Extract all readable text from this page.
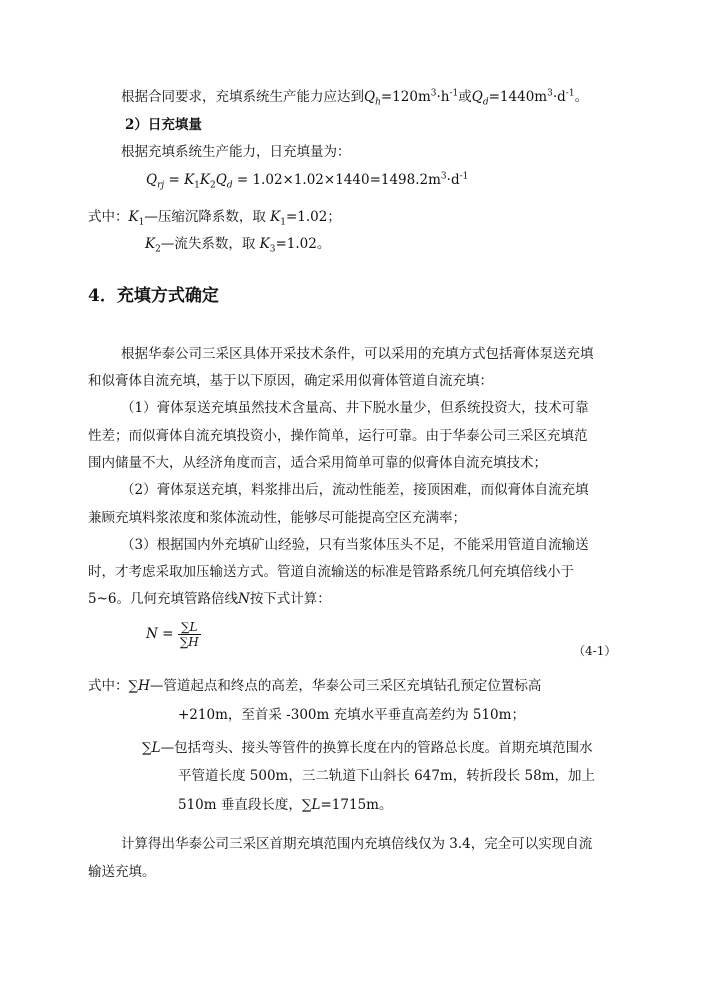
根据合同要求，充填系统生产能力应达到$Q_h=120m^3\cdot h^{-1}$或$Q_d=1440m^3\cdot d^{-1}$。
2）日充填量
根据充填系统生产能力，日充填量为：
$Q_{rj} = K_1K_2Q_d = 1.02\times 1.02\times 1440=1498.2m^3\cdot d^{-1}$
式中：$K_1—$压缩沉降系数，取 $K_1=1.02$；
$K_2—$流失系数，取 $K_3=1.02$。
4．充填方式确定
根据华泰公司三采区具体开采技术条件，可以采用的充填方式包括膏体泵送充填
和似膏体自流充填，基于以下原因，确定采用似膏体管道自流充填：
（1）膏体泵送充填虽然技术含量高、井下脱水量少，但系统投资大，技术可靠
性差；而似膏体自流充填投资小，操作简单，运行可靠。由于华泰公司三采区充填范
围内储量不大，从经济角度而言，适合采用简单可靠的似膏体自流充填技术；
（2）膏体泵送充填，料浆排出后，流动性能差，接顶困难，而似膏体自流充填
兼顾充填料浆浓度和浆体流动性，能够尽可能提高空区充满率；
（3）根据国内外充填矿山经验，只有当浆体压头不足，不能采用管道自流输送
时，才考虑采取加压输送方式。管道自流输送的标准是管路系统几何充填倍线小于
5~6。几何充填管路倍线N按下式计算：
$N = \frac{\sum L}{\sum H}$
（4-1）
式中：∑H—管道起点和终点的高差，华泰公司三采区充填钻孔预定位置标高
+210m，至首采 -300m 充填水平垂直高差约为 510m；
∑L—包括弯头、接头等管件的换算长度在内的管路总长度。首期充填范围水
平管道长度 500m，三二轨道下山斜长 647m，转折段长 58m，加上
510m 垂直段长度，∑L=1715m。
计算得出华泰公司三采区首期充填范围内充填倍线仅为 3.4，完全可以实现自流
输送充填。
